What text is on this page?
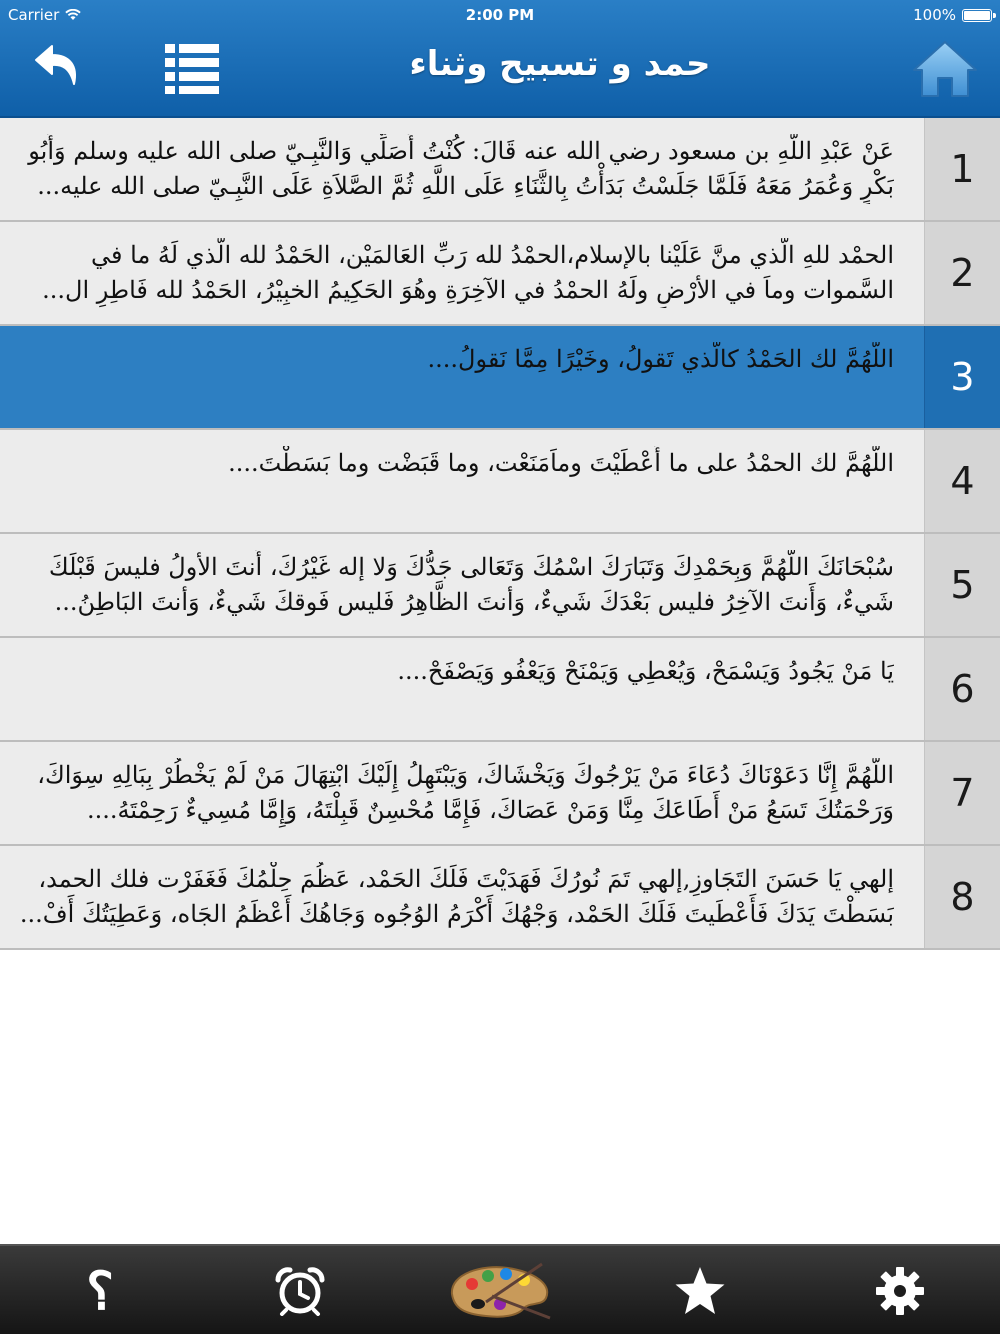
Carrier	2:00 PM	100%
حمد و تسبيح وثناء
عَنْ عَبْدِ اللَّهِ بن مسعود رضي الله عنه قَالَ: كُنْتُ أُصَلِّي وَالنَّبِـيّ صلى الله عليه وسلم وَأَبُو بَكْرٍ وَعُمَرُ مَعَهُ فَلَمَّا جَلَسْتُ بَدَأْتُ بِالثَّنَاءِ عَلَى اللَّهِ ثُمَّ الصَّلاَةِ عَلَى النَّبِـيّ صلى الله عليه...	1
الحمْد للهِ الَّذي منَّ عَلَيْنا بالإسلام،الحمْدُ لله رَبِّ العَالمَيْن، الحَمْدُ لله الَّذي لَهُ ما في السَّموات وماَ في الأرْضِ ولَهُ الحمْدُ في الآخِرَةِ وهُوَ الحَكِيمُ الخبِيْرُ، الحَمْدُ لله فَاطِرِ ال...	2
اللَّهُمَّ لك الحَمْدُ كالَّذي تَقولُ، وخَيْرًا مِمَّا نَقولُ....	3
اللَّهُمَّ لك الحمْدُ على ما أَعْطَيْتَ وماَمَنَعْت، وما قَبَضْت وما بَسَطْتَ....	4
سُبْحَانَكَ اللَّهُمَّ وَبِحَمْدِكَ وَتَبَارَكَ اسْمُكَ وَتَعَالى جَدُّكَ وَلا إله غَيْرُكَ، أَنتَ الأولُ فليسَ قَبْلَكَ شَيءٌ، وَأَنتَ الآخِرُ فليس بَعْدَكَ شَيءٌ، وَأنتَ الظَّاهِرُ فَليس فَوقكَ شَيءٌ، وَأنتَ البَاطِنُ...	5
يَا مَنْ يَجُودُ وَيَسْمَحْ، وَيُعْطِي وَيَمْنَحْ وَيَعْفُو وَيَصْفَحْ....	6
اللَّهُمَّ إِنَّا دَعَوْنَاكَ دُعَاءَ مَنْ يَرْجُوكَ وَيَخْشَاكَ، وَيَبْتَهِلُ إِلَيْكَ ابْتِهَالَ مَنْ لَمْ يَخْطُرْ بِبَالِهِ سِوَاكَ، وَرَحْمَتُكَ تَسَعُ مَنْ أَطَاعَكَ مِنَّا وَمَنْ عَصَاكَ، فَإِمَّا مُحْسِنٌ قَبِلْتَهُ، وَإِمَّا مُسِيءٌ رَحِمْتَهُ....	7
إلهي يَا حَسَنَ التَجَاوزِ,إلهي تَمَ نُورُكَ فَهَدَيْتَ فَلَكَ الحَمْد، عَظُمَ حِلْمُكَ فَغَفَرْت فلك الحمد، بَسَطْتَ يَدَكَ فَأَعْطَيتَ فَلَكَ الحَمْد، وَجْهُكَ أَكْرَمُ الوُجُوه وَجَاهُكَ أَعْظَمُ الجَاه، وَعَطِيَتُكَ أَفْ...	8
؟
